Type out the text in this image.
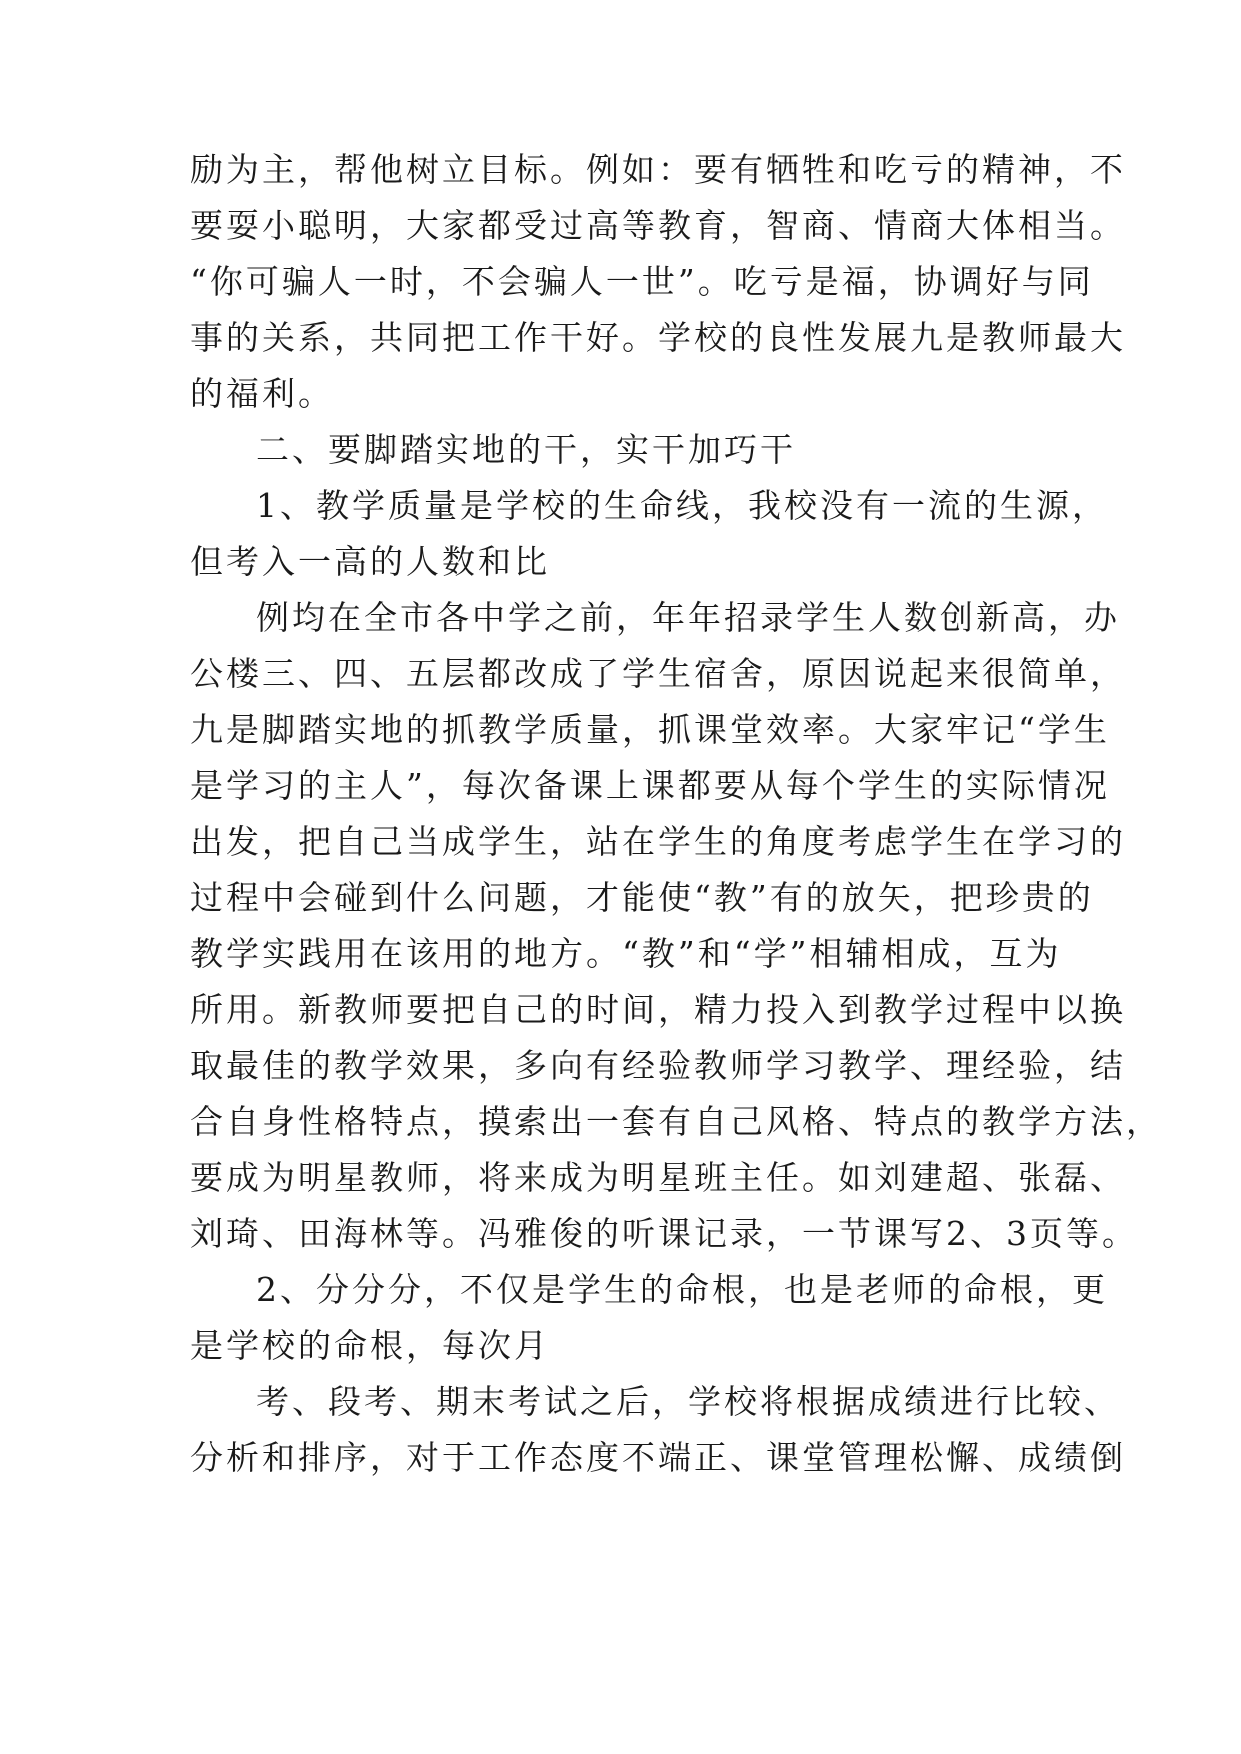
励为主，帮他树立目标。例如：要有牺牲和吃亏的精神，不
要耍小聪明，大家都受过高等教育，智商、情商大体相当。
“你可骗人一时，不会骗人一世”。吃亏是福，协调好与同
事的关系，共同把工作干好。学校的良性发展九是教师最大
的福利。
二、要脚踏实地的干，实干加巧干
1、教学质量是学校的生命线，我校没有一流的生源，
但考入一高的人数和比
例均在全市各中学之前，年年招录学生人数创新高，办
公楼三、四、五层都改成了学生宿舍，原因说起来很简单，
九是脚踏实地的抓教学质量，抓课堂效率。大家牢记“学生
是学习的主人”，每次备课上课都要从每个学生的实际情况
出发，把自己当成学生，站在学生的角度考虑学生在学习的
过程中会碰到什么问题，才能使“教”有的放矢，把珍贵的
教学实践用在该用的地方。“教”和“学”相辅相成，互为
所用。新教师要把自己的时间，精力投入到教学过程中以换
取最佳的教学效果，多向有经验教师学习教学、理经验，结
合自身性格特点，摸索出一套有自己风格、特点的教学方法，
要成为明星教师，将来成为明星班主任。如刘建超、张磊、
刘琦、田海林等。冯雅俊的听课记录，一节课写2、3页等。
2、分分分，不仅是学生的命根，也是老师的命根，更
是学校的命根，每次月
考、段考、期末考试之后，学校将根据成绩进行比较、
分析和排序，对于工作态度不端正、课堂管理松懈、成绩倒
